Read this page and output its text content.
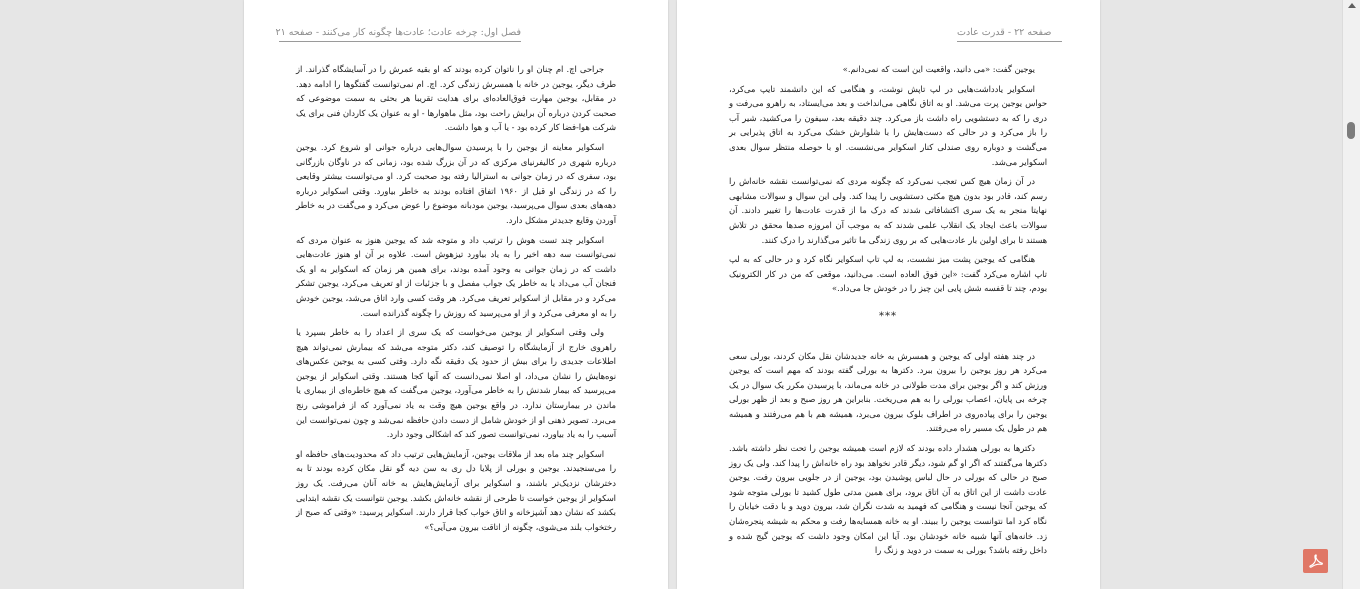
فصل اول: چرخه عادت؛ عادت‌ها چگونه کار می‌کنند - صفحه ۲۱

جراحی اچ. ام چنان او را ناتوان کرده بودند که او بقیه عمرش را در آسایشگاه گذراند. از طرف دیگر، یوجین در خانه با همسرش زندگی کرد. اچ. ام نمی‌توانست گفتگوها را ادامه دهد. در مقابل، یوجین مهارت فوق‌العاده‌ای برای هدایت تقریبا هر بحثی به سمت موضوعی که صحبت کردن درباره آن برایش راحت بود، مثل ماهوارها - او به عنوان یک کاردان فنی برای یک شرکت هوا-فضا کار کرده بود - یا آب و هوا داشت.

اسکوایر معاینه از یوجین را با پرسیدن سوال‌هایی درباره جوانی او شروع کرد. یوجین درباره شهری در کالیفرنیای مرکزی که در آن بزرگ شده بود، زمانی که در ناوگان بازرگانی بود، سفری که در زمان جوانی به استرالیا رفته بود صحبت کرد. او می‌توانست بیشتر وقایعی را که در زندگی او قبل از ۱۹۶۰ اتفاق افتاده بودند به خاطر بیاورد. وقتی اسکوایر درباره دهه‌های بعدی سوال می‌پرسید، یوجین مودبانه موضوع را عوض می‌کرد و می‌گفت در به خاطر آوردن وقایع جدیدتر مشکل دارد.

اسکوایر چند تست هوش را ترتیب داد و متوجه شد که یوجین هنوز به عنوان مردی که نمی‌توانست سه دهه اخیر را به یاد بیاورد تیزهوش است. علاوه بر آن او هنوز عادت‌هایی داشت که در زمان جوانی به وجود آمده بودند، برای همین هر زمان که اسکوایر به او یک فنجان آب می‌داد یا به خاطر یک جواب مفصل و با جزئیات از او تعریف می‌کرد، یوجین تشکر می‌کرد و در مقابل از اسکوایر تعریف می‌کرد. هر وقت کسی وارد اتاق می‌شد، یوجین خودش را به او معرفی می‌کرد و از او می‌پرسید که روزش را چگونه گذرانده است.

ولی وقتی اسکوایر از یوجین می‌خواست که یک سری از اعداد را به خاطر بسپرد یا راهروی خارج از آزمایشگاه را توصیف کند، دکتر متوجه می‌شد که بیمارش نمی‌تواند هیچ اطلاعات جدیدی را برای بیش از حدود یک دقیقه نگه دارد. وقتی کسی به یوجین عکس‌های نوه‌هایش را نشان می‌داد، او اصلا نمی‌دانست که آنها کجا هستند. وقتی اسکوایر از یوجین می‌پرسید که بیمار شدنش را به خاطر می‌آورد، یوجین می‌گفت که هیچ خاطره‌ای از بیماری یا ماندن در بیمارستان ندارد. در واقع یوجین هیچ وقت به یاد نمی‌آورد که از فراموشی رنج می‌برد. تصویر ذهنی او از خودش شامل از دست دادن حافظه نمی‌شد و چون نمی‌توانست این آسیب را به یاد بیاورد، نمی‌توانست تصور کند که اشکالی وجود دارد.

اسکوایر چند ماه بعد از ملاقات یوجین، آزمایش‌هایی ترتیب داد که محدودیت‌های حافظه او را می‌سنجیدند. یوجین و بورلی از پلایا دل ری به سن دیه گو نقل مکان کرده بودند تا به دخترشان نزدیک‌تر باشند، و اسکوایر برای آزمایش‌هایش به خانه آنان می‌رفت. یک روز اسکوایر از یوجین خواست تا طرحی از نقشه خانه‌اش بکشد. یوجین نتوانست یک نقشه ابتدایی بکشد که نشان دهد آشپزخانه و اتاق خواب کجا قرار دارند. اسکوایر پرسید: «وقتی که صبح از رختخواب بلند می‌شوی، چگونه از اتاقت بیرون می‌آیی؟»

صفحه ۲۲ - قدرت عادت

یوجین گفت: «می دانید، واقعیت این است که نمی‌دانم.»

اسکوایر یادداشت‌هایی در لپ تاپش نوشت، و هنگامی که این دانشمند تایپ می‌کرد، حواس یوجین پرت می‌شد. او به اتاق نگاهی می‌انداخت و بعد می‌ایستاد، به راهرو می‌رفت و دری را که به دستشویی راه داشت باز می‌کرد. چند دقیقه بعد، سیفون را می‌کشید، شیر آب را باز می‌کرد و در حالی که دست‌هایش را با شلوارش خشک می‌کرد به اتاق پذیرایی بر می‌گشت و دوباره روی صندلی کنار اسکوایر می‌نشست. او با حوصله منتظر سوال بعدی اسکوایر می‌شد.

در آن زمان هیچ کس تعجب نمی‌کرد که چگونه مردی که نمی‌توانست نقشه خانه‌اش را رسم کند، قادر بود بدون هیچ مکثی دستشویی را پیدا کند. ولی این سوال و سوالات مشابهی نهایتا منجر به یک سری اکتشافاتی شدند که درک ما از قدرت عادت‌ها را تغییر دادند. آن سوالات باعث ایجاد یک انقلاب علمی شدند که به موجب آن امروزه صدها محقق در تلاش هستند تا برای اولین بار عادت‌هایی که بر روی زندگی ما تاثیر می‌گذارند را درک کنند.

هنگامی که یوجین پشت میز نشست، به لپ تاپ اسکوایر نگاه کرد و در حالی که به لپ تاپ اشاره می‌کرد گفت: «این فوق العاده است. می‌دانید، موقعی که من در کار الکترونیک بودم، چند تا قفسه شش پایی این چیز را در خودش جا می‌داد.»

***

در چند هفته اولی که یوجین و همسرش به خانه جدیدشان نقل مکان کردند، بورلی سعی می‌کرد هر روز یوجین را بیرون ببرد. دکترها به بورلی گفته بودند که مهم است که یوجین ورزش کند و اگر یوجین برای مدت طولانی در خانه می‌ماند، با پرسیدن مکرر یک سوال در یک چرخه بی پایان، اعصاب بورلی را به هم می‌ریخت. بنابراین هر روز صبح و بعد از ظهر بورلی یوجین را برای پیاده‌روی در اطراف بلوک بیرون می‌برد، همیشه هم با هم می‌رفتند و همیشه هم در طول یک مسیر راه می‌رفتند.

دکترها به بورلی هشدار داده بودند که لازم است همیشه یوجین را تحت نظر داشته باشد. دکترها می‌گفتند که اگر او گم شود، دیگر قادر نخواهد بود راه خانه‌اش را پیدا کند. ولی یک روز صبح در حالی که بورلی در حال لباس پوشیدن بود، یوجین از در جلویی بیرون رفت. یوجین عادت داشت از این اتاق به آن اتاق برود، برای همین مدتی طول کشید تا بورلی متوجه شود که یوجین آنجا نیست و هنگامی که فهمید به شدت نگران شد، بیرون دوید و با دقت خیابان را نگاه کرد اما نتوانست یوجین را ببیند. او به خانه همسایه‌ها رفت و محکم به شیشه پنجره‌شان زد. خانه‌های آنها شبیه خانه خودشان بود. آیا این امکان وجود داشت که یوجین گیج شده و داخل رفته باشد؟ بورلی به سمت در دوید و زنگ را
